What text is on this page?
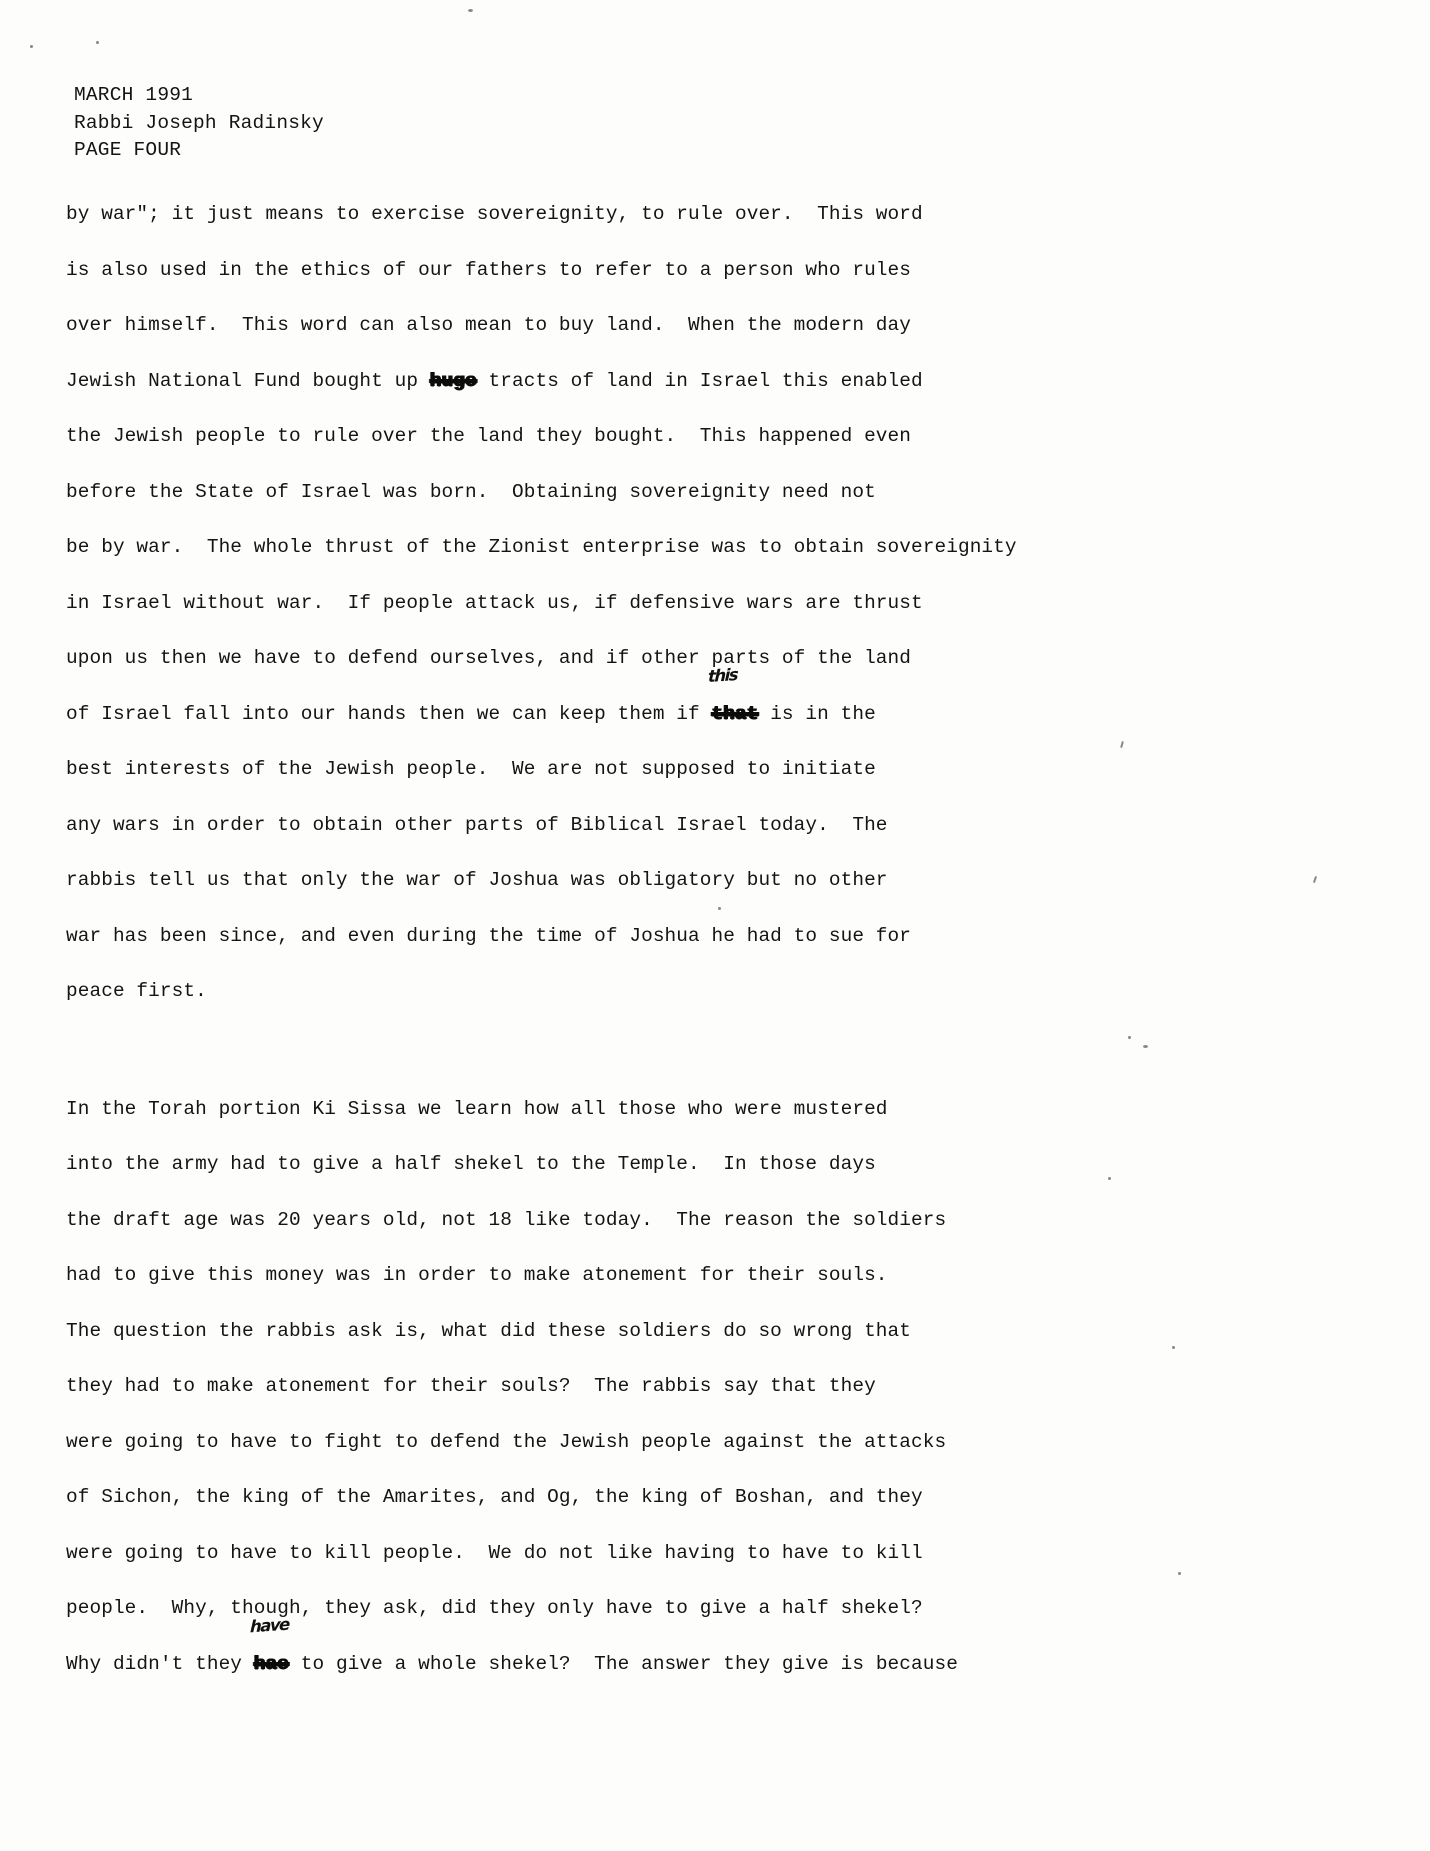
MARCH 1991
Rabbi Joseph Radinsky
PAGE FOUR
by war"; it just means to exercise sovereignity, to rule over.  This word
is also used in the ethics of our fathers to refer to a person who rules
over himself.  This word can also mean to buy land.  When the modern day
Jewish National Fund bought up huge tracts of land in Israel this enabled
the Jewish people to rule over the land they bought.  This happened even
before the State of Israel was born.  Obtaining sovereignity need not
be by war.  The whole thrust of the Zionist enterprise was to obtain sovereignity
in Israel without war.  If people attack us, if defensive wars are thrust
upon us then we have to defend ourselves, and if other parts of the land
of Israel fall into our hands then we can keep them if that
this
is in the
best interests of the Jewish people.  We are not supposed to initiate
any wars in order to obtain other parts of Biblical Israel today.  The
rabbis tell us that only the war of Joshua was obligatory but no other
war has been since, and even during the time of Joshua he had to sue for
peace first.
In the Torah portion Ki Sissa we learn how all those who were mustered
into the army had to give a half shekel to the Temple.  In those days
the draft age was 20 years old, not 18 like today.  The reason the soldiers
had to give this money was in order to make atonement for their souls.
The question the rabbis ask is, what did these soldiers do so wrong that
they had to make atonement for their souls?  The rabbis say that they
were going to have to fight to defend the Jewish people against the attacks
of Sichon, the king of the Amarites, and Og, the king of Boshan, and they
were going to have to kill people.  We do not like having to have to kill
people.  Why, though, they ask, did they only have to give a half shekel?
Why didn't they hae
have
to give a whole shekel?  The answer they give is because
